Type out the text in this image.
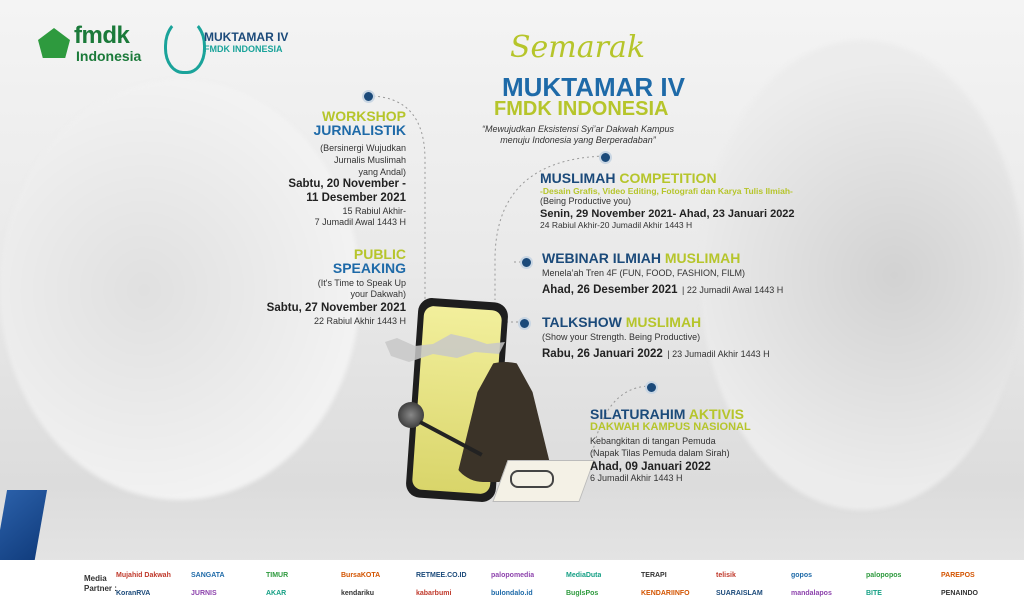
fmdk
Indonesia
MUKTAMAR IV
FMDK INDONESIA	Semarak
MUKTAMAR IV
FMDK INDONESIA
“Mewujudkan Eksistensi Syi’ar Dakwah Kampus
menuju Indonesia yang Berperadaban”
WORKSHOP
JURNALISTIK
(Bersinergi Wujudkan
Jurnalis Muslimah
yang Andal)
Sabtu, 20 November -
11 Desember 2021
15 Rabiul Akhir-
7 Jumadil Awal 1443 H
PUBLIC
SPEAKING
(It's Time to Speak Up
your Dakwah)
Sabtu, 27 November 2021
22 Rabiul Akhir 1443 H
MUSLIMAH COMPETITION
-Desain Grafis, Video Editing, Fotografi dan Karya Tulis Ilmiah-
(Being Productive you)
Senin, 29 November 2021- Ahad, 23 Januari 2022
24 Rabiul Akhir-20 Jumadil Akhir 1443 H
WEBINAR ILMIAH MUSLIMAH
Menela’ah Tren 4F (FUN, FOOD, FASHION, FILM)
Ahad, 26 Desember 2021 | 22 Jumadil Awal 1443 H
TALKSHOW MUSLIMAH
(Show your Strength. Being Productive)
Rabu, 26 Januari 2022 | 23 Jumadil Akhir 1443 H
SILATURAHIM AKTIVIS
DAKWAH KAMPUS NASIONAL
Kebangkitan di tangan Pemuda
(Napak Tilas Pemuda dalam Sirah)
Ahad, 09 Januari 2022
6 Jumadil Akhir 1443 H
Media
Partner :
Mujahid Dakwah	SANGATA	TIMUR	BursaKOTA	RETMEE.CO.ID	palopomedia	MediaDuta	TERAPI	telisik	gopos	palopopos	PAREPOS
KoranRVA	JURNIS	AKAR	kendariku	kabarbumi	bulondalo.id	BuglsPos	KENDARIINFO	SUARAISLAM	mandalapos	BITE	PENAINDO
